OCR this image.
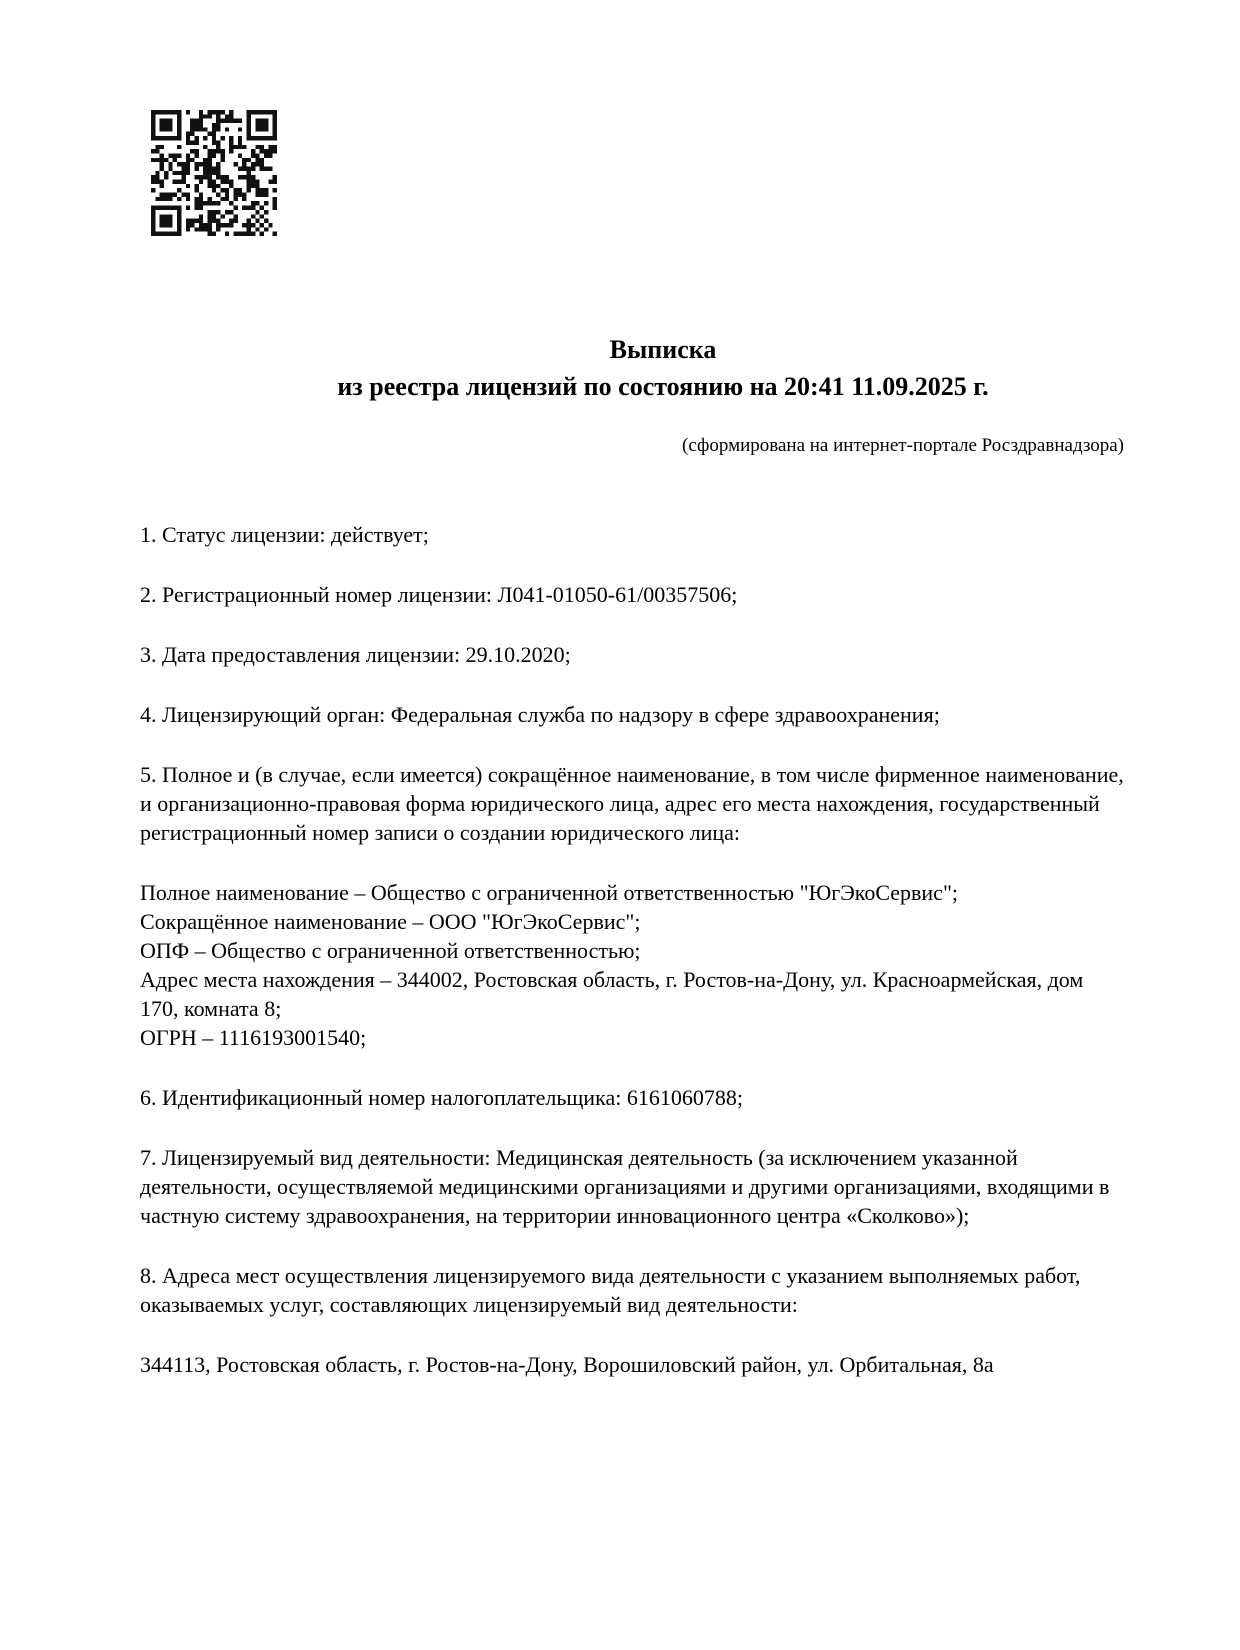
Выписка
из реестра лицензий по состоянию на 20:41 11.09.2025 г.
(сформирована на интернет-портале Росздравнадзора)

1. Статус лицензии: действует;

2. Регистрационный номер лицензии: Л041-01050-61/00357506;

3. Дата предоставления лицензии: 29.10.2020;

4. Лицензирующий орган: Федеральная служба по надзору в сфере здравоохранения;

5. Полное и (в случае, если имеется) сокращённое наименование, в том числе фирменное наименование, и организационно-правовая форма юридического лица, адрес его места нахождения, государственный регистрационный номер записи о создании юридического лица:

Полное наименование – Общество с ограниченной ответственностью "ЮгЭкоСервис";
Сокращённое наименование – ООО "ЮгЭкоСервис";
ОПФ – Общество с ограниченной ответственностью;
Адрес места нахождения – 344002, Ростовская область, г. Ростов-на-Дону, ул. Красноармейская, дом 170, комната 8;
ОГРН – 1116193001540;

6. Идентификационный номер налогоплательщика: 6161060788;

7. Лицензируемый вид деятельности: Медицинская деятельность (за исключением указанной деятельности, осуществляемой медицинскими организациями и другими организациями, входящими в частную систему здравоохранения, на территории инновационного центра «Сколково»);

8. Адреса мест осуществления лицензируемого вида деятельности с указанием выполняемых работ, оказываемых услуг, составляющих лицензируемый вид деятельности:

344113, Ростовская область, г. Ростов-на-Дону, Ворошиловский район, ул. Орбитальная, 8а
